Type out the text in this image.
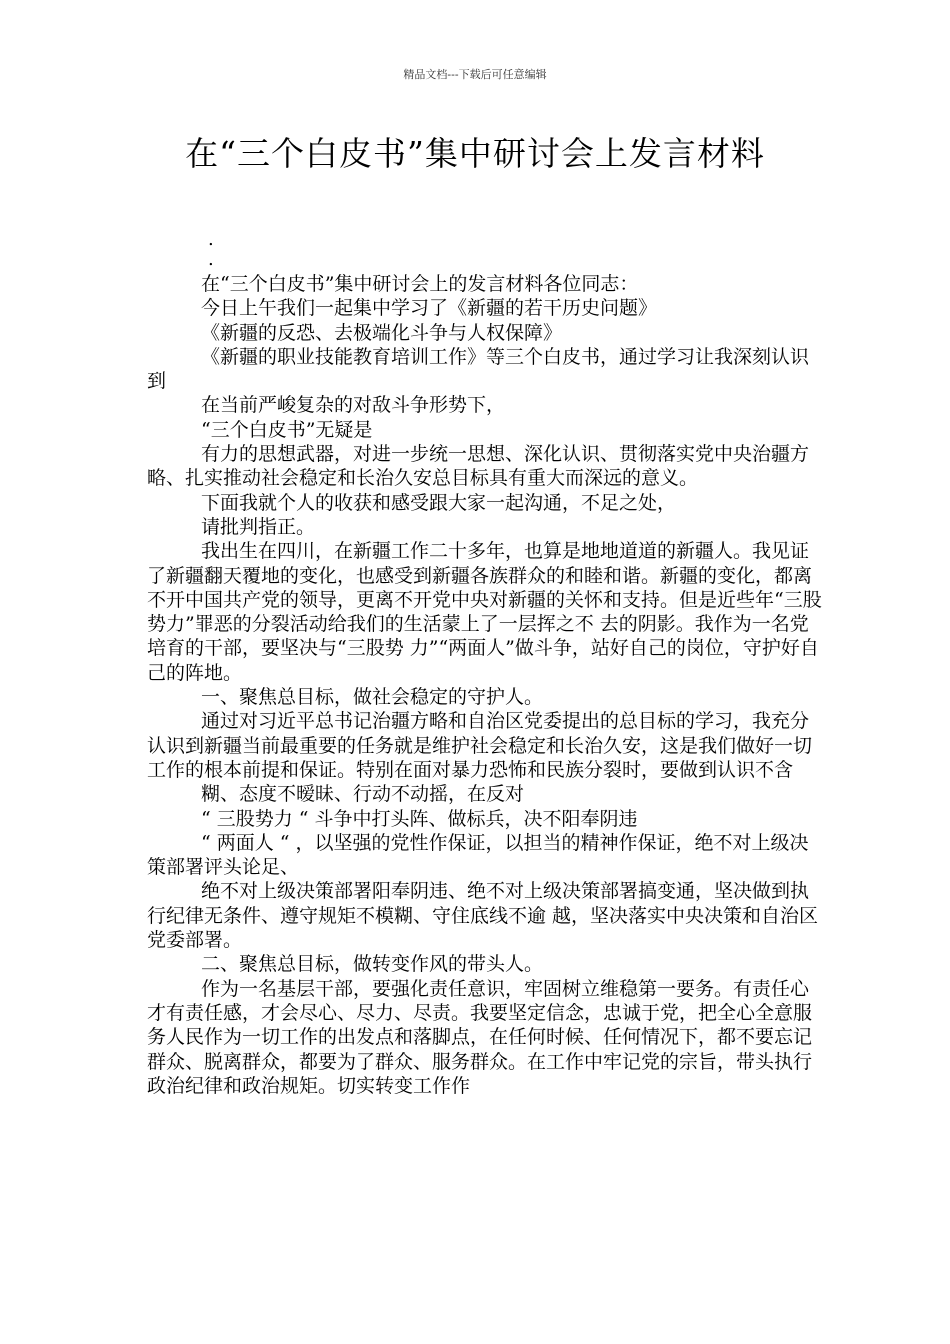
精品文档---下载后可任意编辑
在“三个白皮书”集中研讨会上发言材料
.
.

在“三个白皮书”集中研讨会上的发言材料各位同志：

今日上午我们一起集中学习了《新疆的若干历史问题》

《新疆的反恐、去极端化斗争与人权保障》

《新疆的职业技能教育培训工作》等三个白皮书，通过学习让我深刻认识到

在当前严峻复杂的对敌斗争形势下，

“三个白皮书”无疑是

有力的思想武器，对进一步统一思想、深化认识、贯彻落实党中央治疆方略、扎实推动社会稳定和长治久安总目标具有重大而深远的意义。

下面我就个人的收获和感受跟大家一起沟通，不足之处，

请批判指正。

我出生在四川，在新疆工作二十多年，也算是地地道道的新疆人。我见证了新疆翻天覆地的变化，也感受到新疆各族群众的和睦和谐。新疆的变化，都离不开中国共产党的领导，更离不开党中央对新疆的关怀和支持。但是近些年“三股势力”罪恶的分裂活动给我们的生活蒙上了一层挥之不 去的阴影。我作为一名党培育的干部，要坚决与“三股势 力”“两面人”做斗争，站好自己的岗位，守护好自己的阵地。

一、聚焦总目标，做社会稳定的守护人。

通过对习近平总书记治疆方略和自治区党委提出的总目标的学习，我充分认识到新疆当前最重要的任务就是维护社会稳定和长治久安，这是我们做好一切工作的根本前提和保证。特别在面对暴力恐怖和民族分裂时，要做到认识不含

糊、态度不暧昧、行动不动摇，在反对

“ 三股势力 “ 斗争中打头阵、做标兵，决不阳奉阴违

“ 两面人 “ ，以坚强的党性作保证，以担当的精神作保证，绝不对上级决策部署评头论足、

绝不对上级决策部署阳奉阴违、绝不对上级决策部署搞变通，坚决做到执行纪律无条件、遵守规矩不模糊、守住底线不逾 越，坚决落实中央决策和自治区党委部署。

二、聚焦总目标，做转变作风的带头人。

作为一名基层干部，要强化责任意识，牢固树立维稳第一要务。有责任心才有责任感，才会尽心、尽力、尽责。我要坚定信念，忠诚于党，把全心全意服务人民作为一切工作的出发点和落脚点，在任何时候、任何情况下，都不要忘记群众、脱离群众，都要为了群众、服务群众。在工作中牢记党的宗旨，带头执行政治纪律和政治规矩。切实转变工作作
